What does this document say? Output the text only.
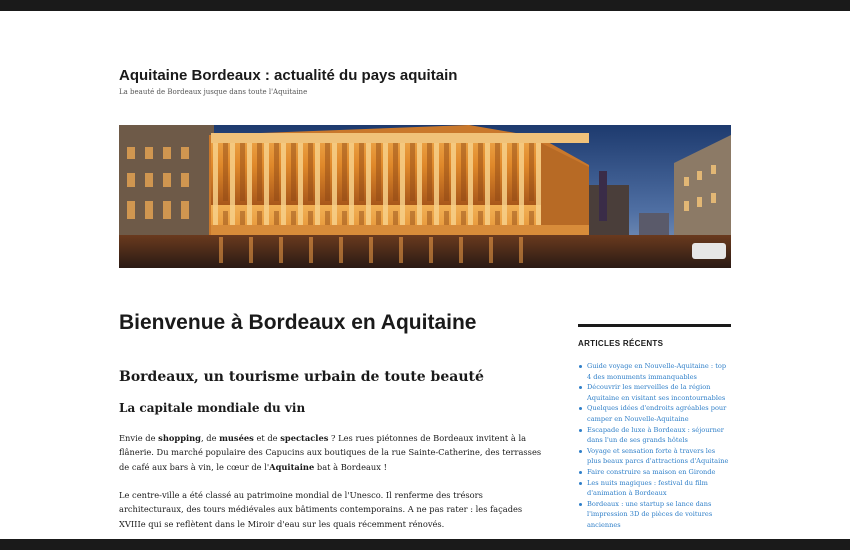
Aquitaine Bordeaux : actualité du pays aquitain

La beauté de Bordeaux jusque dans toute l'Aquitaine

Bienvenue à Bordeaux en Aquitaine
Bordeaux, un tourisme urbain de toute beauté
La capitale mondiale du vin

Envie de shopping, de musées et de spectacles ? Les rues piétonnes de Bordeaux invitent à la flânerie. Du marché populaire des Capucins aux boutiques de la rue Sainte-Catherine, des terrasses de café aux bars à vin, le cœur de l'Aquitaine bat à Bordeaux !

Le centre-ville a été classé au patrimoine mondial de l'Unesco. Il renferme des trésors architecturaux, des tours médiévales aux bâtiments contemporains. A ne pas rater : les façades XVIIIe qui se reflètent dans le Miroir d'eau sur les quais récemment rénovés.

ARTICLES RÉCENTS
Guide voyage en Nouvelle-Aquitaine : top 4 des monuments immanquables
Découvrir les merveilles de la région Aquitaine en visitant ses incontournables
Quelques idées d'endroits agréables pour camper en Nouvelle-Aquitaine
Escapade de luxe à Bordeaux : séjourner dans l'un de ses grands hôtels
Voyage et sensation forte à travers les plus beaux parcs d'attractions d'Aquitaine
Faire construire sa maison en Gironde
Les nuits magiques : festival du film d'animation à Bordeaux
Bordeaux : une startup se lance dans l'impression 3D de pièces de voitures anciennes
